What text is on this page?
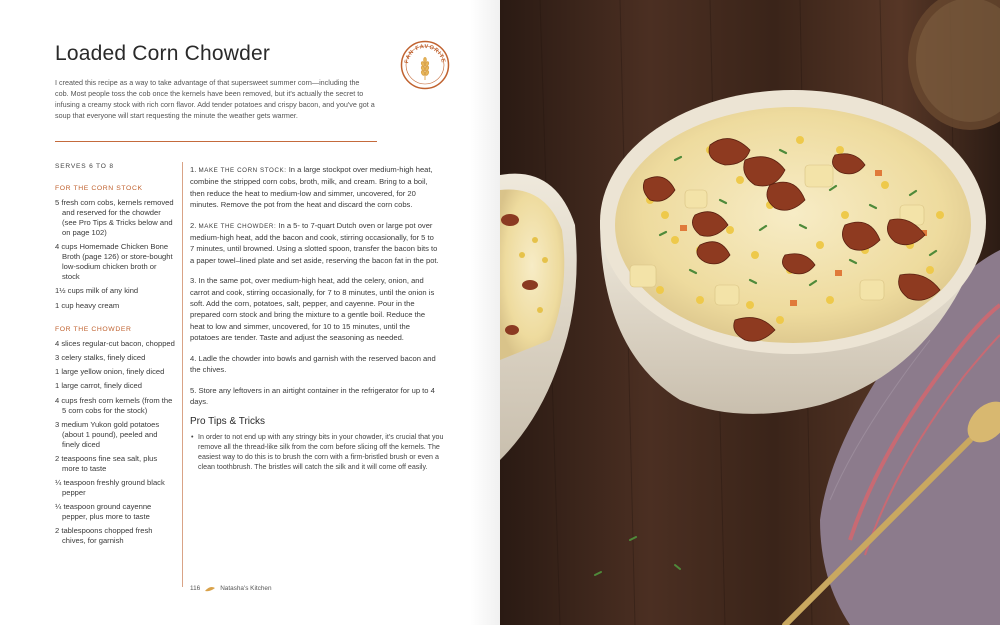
Loaded Corn Chowder	FAN FAVORITE

I created this recipe as a way to take advantage of that supersweet summer corn—including the cob. Most people toss the cob once the kernels have been removed, but it's actually the secret to infusing a creamy stock with rich corn flavor. Add tender potatoes and crispy bacon, and you've got a soup that everyone will start requesting the minute the weather gets warmer.

SERVES 6 TO 8

FOR THE CORN STOCK

5 fresh corn cobs, kernels removed and reserved for the chowder (see Pro Tips & Tricks below and on page 102)
4 cups Homemade Chicken Bone Broth (page 126) or store-bought low-sodium chicken broth or stock
1½ cups milk of any kind
1 cup heavy cream

FOR THE CHOWDER

4 slices regular-cut bacon, chopped
3 celery stalks, finely diced
1 large yellow onion, finely diced
1 large carrot, finely diced
4 cups fresh corn kernels (from the 5 corn cobs for the stock)
3 medium Yukon gold potatoes (about 1 pound), peeled and finely diced
2 teaspoons fine sea salt, plus more to taste
¼ teaspoon freshly ground black pepper
¼ teaspoon ground cayenne pepper, plus more to taste
2 tablespoons chopped fresh chives, for garnish

1. MAKE THE CORN STOCK: In a large stockpot over medium-high heat, combine the stripped corn cobs, broth, milk, and cream. Bring to a boil, then reduce the heat to medium-low and simmer, uncovered, for 20 minutes. Remove the pot from the heat and discard the corn cobs.

2. MAKE THE CHOWDER: In a 5- to 7-quart Dutch oven or large pot over medium-high heat, add the bacon and cook, stirring occasionally, for 5 to 7 minutes, until browned. Using a slotted spoon, transfer the bacon bits to a paper towel–lined plate and set aside, reserving the bacon fat in the pot.

3. In the same pot, over medium-high heat, add the celery, onion, and carrot and cook, stirring occasionally, for 7 to 8 minutes, until the onion is soft. Add the corn, potatoes, salt, pepper, and cayenne. Pour in the prepared corn stock and bring the mixture to a gentle boil. Reduce the heat to low and simmer, uncovered, for 10 to 15 minutes, until the potatoes are tender. Taste and adjust the seasoning as needed.

4. Ladle the chowder into bowls and garnish with the reserved bacon and the chives.

5. Store any leftovers in an airtight container in the refrigerator for up to 4 days.

Pro Tips & Tricks

• In order to not end up with any stringy bits in your chowder, it's crucial that you remove all the thread-like silk from the corn before slicing off the kernels. The easiest way to do this is to brush the corn with a firm-bristled brush or even a clean toothbrush. The bristles will catch the silk and it will come off easily.
116	Natasha's Kitchen
